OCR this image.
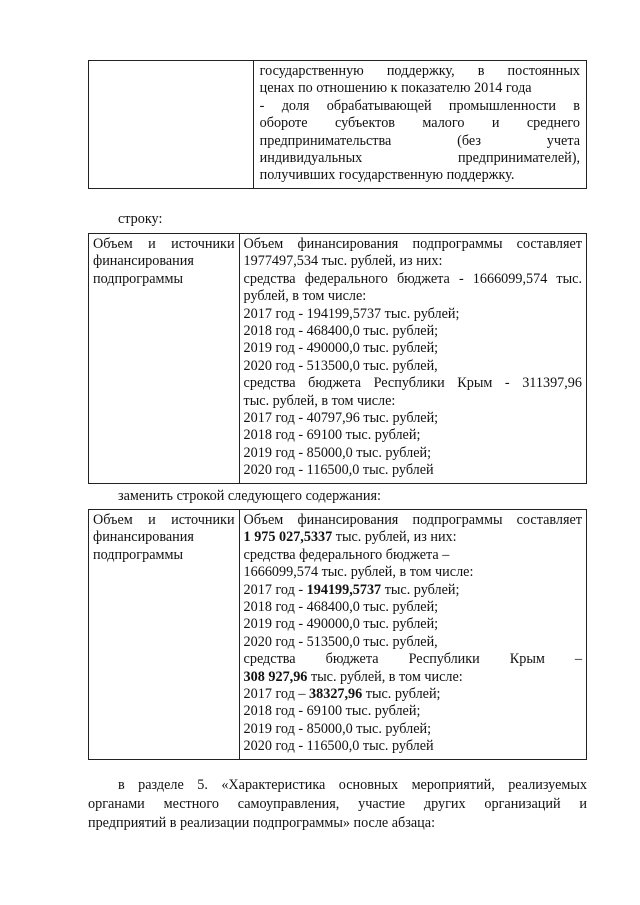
государственную поддержку, в постоянных
ценах по отношению к показателю 2014 года
- доля обрабатывающей промышленности в
обороте субъектов малого и среднего
предпринимательства (без учета
индивидуальных предпринимателей),
получивших государственную поддержку.
строку:
Объем и источники
финансирования
подпрограммы

Объем финансирования подпрограммы составляет
1977497,534 тыс. рублей, из них:
средства федерального бюджета - 1666099,574 тыс.
рублей, в том числе:
2017 год - 194199,5737 тыс. рублей;
2018 год - 468400,0 тыс. рублей;
2019 год - 490000,0 тыс. рублей;
2020 год - 513500,0 тыс. рублей,
средства бюджета Республики Крым - 311397,96
тыс. рублей, в том числе:
2017 год - 40797,96 тыс. рублей;
2018 год - 69100 тыс. рублей;
2019 год - 85000,0 тыс. рублей;
2020 год - 116500,0 тыс. рублей
заменить строкой следующего содержания:
Объем и источники
финансирования
подпрограммы

Объем финансирования подпрограммы составляет
1 975 027,5337 тыс. рублей, из них:
средства федерального бюджета –
1666099,574 тыс. рублей, в том числе:
2017 год - 194199,5737 тыс. рублей;
2018 год - 468400,0 тыс. рублей;
2019 год - 490000,0 тыс. рублей;
2020 год - 513500,0 тыс. рублей,
средства бюджета Республики Крым –
308 927,96 тыс. рублей, в том числе:
2017 год – 38327,96 тыс. рублей;
2018 год - 69100 тыс. рублей;
2019 год - 85000,0 тыс. рублей;
2020 год - 116500,0 тыс. рублей
в разделе 5. «Характеристика основных мероприятий, реализуемых
органами местного самоуправления, участие других организаций и
предприятий в реализации подпрограммы» после абзаца:
